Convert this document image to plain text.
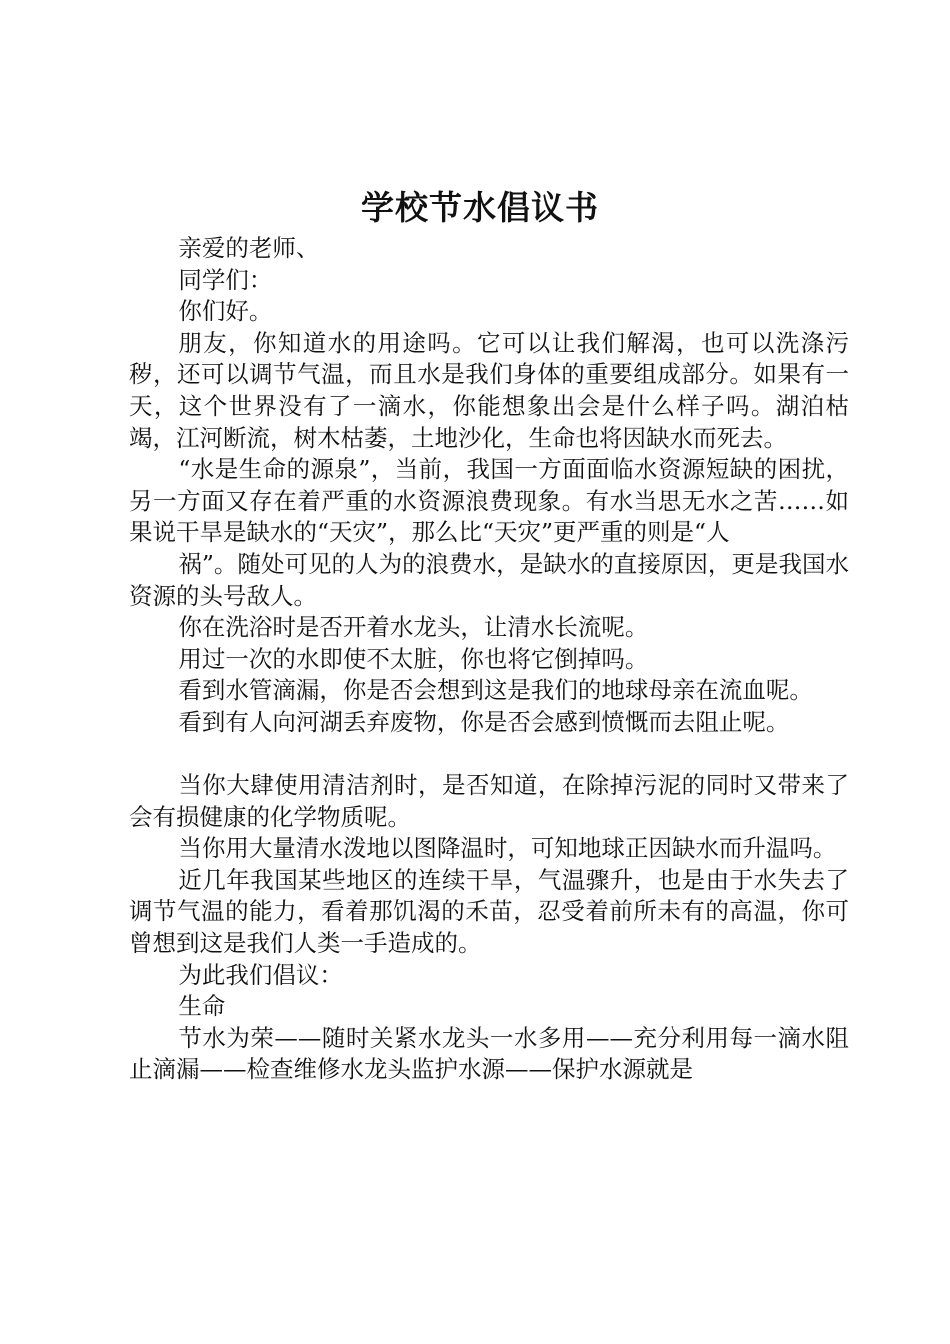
学校节水倡议书

亲爱的老师、

同学们：

你们好。

朋友，你知道水的用途吗。它可以让我们解渴，也可以洗涤污秽，还可以调节气温，而且水是我们身体的重要组成部分。如果有一天，这个世界没有了一滴水，你能想象出会是什么样子吗。湖泊枯竭，江河断流，树木枯萎，土地沙化，生命也将因缺水而死去。

“水是生命的源泉”，当前，我国一方面面临水资源短缺的困扰，另一方面又存在着严重的水资源浪费现象。有水当思无水之苦……如果说干旱是缺水的“天灾”，那么比“天灾”更严重的则是“人

祸”。随处可见的人为的浪费水，是缺水的直接原因，更是我国水资源的头号敌人。

你在洗浴时是否开着水龙头，让清水长流呢。

用过一次的水即使不太脏，你也将它倒掉吗。

看到水管滴漏，你是否会想到这是我们的地球母亲在流血呢。

看到有人向河湖丢弃废物，你是否会感到愤慨而去阻止呢。

当你大肆使用清洁剂时，是否知道，在除掉污泥的同时又带来了会有损健康的化学物质呢。

当你用大量清水泼地以图降温时，可知地球正因缺水而升温吗。

近几年我国某些地区的连续干旱，气温骤升，也是由于水失去了调节气温的能力，看着那饥渴的禾苗，忍受着前所未有的高温，你可曾想到这是我们人类一手造成的。

为此我们倡议：

生命

节水为荣——随时关紧水龙头一水多用——充分利用每一滴水阻止滴漏——检查维修水龙头监护水源——保护水源就是
